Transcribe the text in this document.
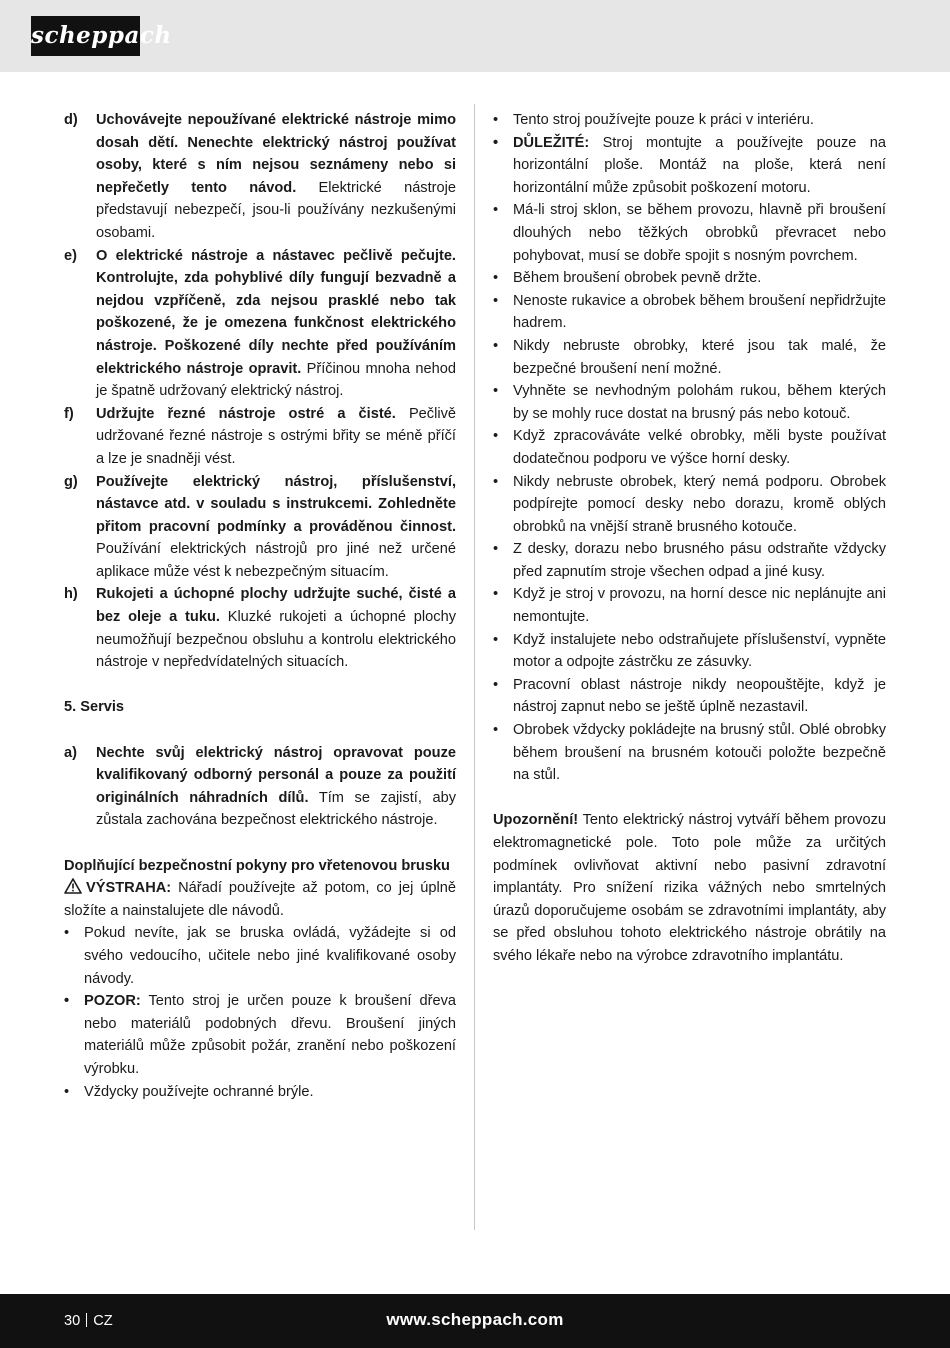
scheppach
d)	Uchovávejte nepoužívané elektrické nástroje mimo dosah dětí. Nenechte elektrický nástroj používat osoby, které s ním nejsou seznámeny nebo si nepřečetly tento návod. Elektrické nástroje představují nebezpečí, jsou-li používány nezkušenými osobami.
e)	O elektrické nástroje a nástavec pečlivě pečujte. Kontrolujte, zda pohyblivé díly fungují bezvadně a nejdou vzpříčeně, zda nejsou prasklé nebo tak poškozené, že je omezena funkčnost elektrického nástroje. Poškozené díly nechte před používáním elektrického nástroje opravit. Příčinou mnoha nehod je špatně udržovaný elektrický nástroj.
f)	Udržujte řezné nástroje ostré a čisté. Pečlivě udržované řezné nástroje s ostrými břity se méně příčí a lze je snadněji vést.
g)	Používejte elektrický nástroj, příslušenství, nástavce atd. v souladu s instrukcemi. Zohledněte přitom pracovní podmínky a prováděnou činnost. Používání elektrických nástrojů pro jiné než určené aplikace může vést k nebezpečným situacím.
h)	Rukojeti a úchopné plochy udržujte suché, čisté a bez oleje a tuku. Kluzké rukojeti a úchopné plochy neumožňují bezpečnou obsluhu a kontrolu elektrického nástroje v nepředvídatelných situacích.
5. Servis
a)	Nechte svůj elektrický nástroj opravovat pouze kvalifikovaný odborný personál a pouze za použití originálních náhradních dílů. Tím se zajistí, aby zůstala zachována bezpečnost elektrického nástroje.
Doplňující bezpečnostní pokyny pro vřetenovou brusku
VÝSTRAHA: Nářadí používejte až potom, co jej úplně složíte a nainstalujete dle návodů.
•	Pokud nevíte, jak se bruska ovládá, vyžádejte si od svého vedoucího, učitele nebo jiné kvalifikované osoby návody.
•	POZOR: Tento stroj je určen pouze k broušení dřeva nebo materiálů podobných dřevu. Broušení jiných materiálů může způsobit požár, zranění nebo poškození výrobku.
•	Vždycky používejte ochranné brýle.
•	Tento stroj používejte pouze k práci v interiéru.
•	DŮLEŽITÉ: Stroj montujte a používejte pouze na horizontální ploše. Montáž na ploše, která není horizontální může způsobit poškození motoru.
•	Má-li stroj sklon, se během provozu, hlavně při broušení dlouhých nebo těžkých obrobků převracet nebo pohybovat, musí se dobře spojit s nosným povrchem.
•	Během broušení obrobek pevně držte.
•	Nenoste rukavice a obrobek během broušení nepřidržujte hadrem.
•	Nikdy nebruste obrobky, které jsou tak malé, že bezpečné broušení není možné.
•	Vyhněte se nevhodným polohám rukou, během kterých by se mohly ruce dostat na brusný pás nebo kotouč.
•	Když zpracováváte velké obrobky, měli byste používat dodatečnou podporu ve výšce horní desky.
•	Nikdy nebruste obrobek, který nemá podporu. Obrobek podpírejte pomocí desky nebo dorazu, kromě oblých obrobků na vnější straně brusného kotouče.
•	Z desky, dorazu nebo brusného pásu odstraňte vždycky před zapnutím stroje všechen odpad a jiné kusy.
•	Když je stroj v provozu, na horní desce nic neplánujte ani nemontujte.
•	Když instalujete nebo odstraňujete příslušenství, vypněte motor a odpojte zástrčku ze zásuvky.
•	Pracovní oblast nástroje nikdy neopouštějte, když je nástroj zapnut nebo se ještě úplně nezastavil.
•	Obrobek vždycky pokládejte na brusný stůl. Oblé obrobky během broušení na brusném kotouči položte bezpečně na stůl.
Upozornění! Tento elektrický nástroj vytváří během provozu elektromagnetické pole. Toto pole může za určitých podmínek ovlivňovat aktivní nebo pasivní zdravotní implantáty. Pro snížení rizika vážných nebo smrtelných úrazů doporučujeme osobám se zdravotními implantáty, aby se před obsluhou tohoto elektrického nástroje obrátily na svého lékaře nebo na výrobce zdravotního implantátu.
30 CZ	www.scheppach.com
